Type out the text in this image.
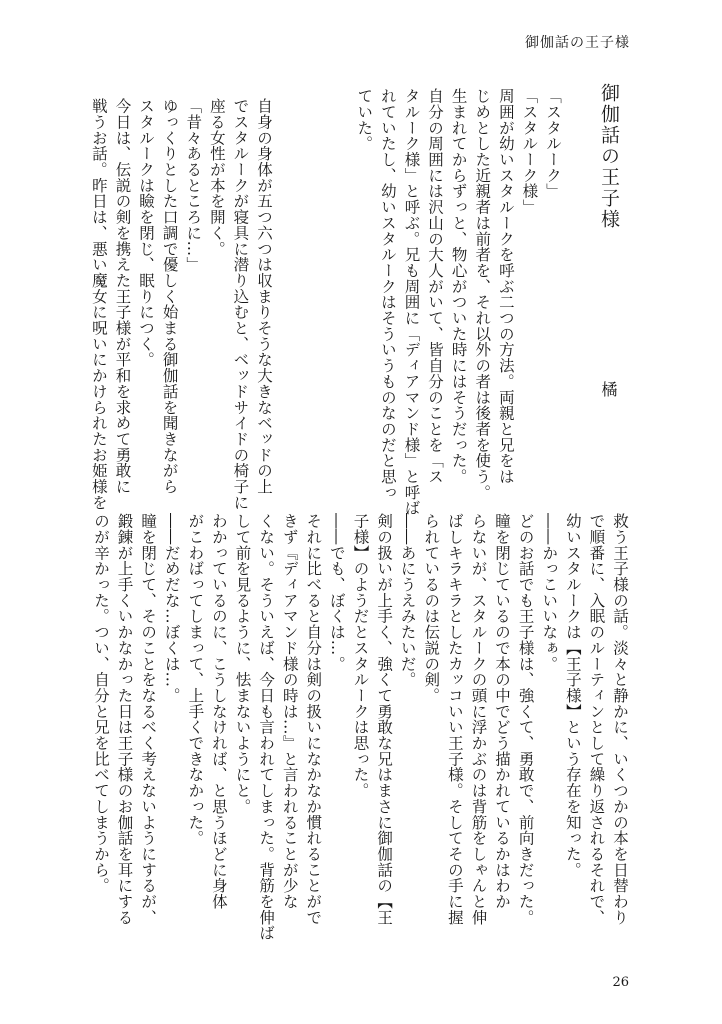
御伽話の王子様
御伽話の王子様
橘
「スタルーク」
「スタルーク様」
周囲が幼いスタルークを呼ぶ二つの方法。両親と兄をは
じめとした近親者は前者を、それ以外の者は後者を使う。
生まれてからずっと、物心がついた時にはそうだった。
自分の周囲には沢山の大人がいて、皆自分のことを「ス
タルーク様」と呼ぶ。兄も周囲に「ディアマンド様」と呼ば
れていたし、幼いスタルークはそういうものなのだと思っ
ていた。
自身の身体が五つ六つは収まりそうな大きなベッドの上
でスタルークが寝具に潜り込むと、ベッドサイドの椅子に
座る女性が本を開く。
「昔々あるところに…」
ゆっくりとした口調で優しく始まる御伽話を聞きながら
スタルークは瞼を閉じ、眠りにつく。
今日は、伝説の剣を携えた王子様が平和を求めて勇敢に
戦うお話。昨日は、悪い魔女に呪いにかけられたお姫様を
救う王子様の話。淡々と静かに、いくつかの本を日替わり
で順番に、入眠のルーティンとして繰り返されるそれで、
幼いスタルークは【王子様】という存在を知った。
――かっこいいなぁ。
どのお話でも王子様は、強くて、勇敢で、前向きだった。
瞳を閉じているので本の中でどう描かれているかはわか
らないが、スタルークの頭に浮かぶのは背筋をしゃんと伸
ばしキラキラとしたカッコいい王子様。そしてその手に握
られているのは伝説の剣。
――あにうえみたいだ。
剣の扱いが上手く、強くて勇敢な兄はまさに御伽話の【王
子様】のようだとスタルークは思った。
――でも、ぼくは…。
それに比べると自分は剣の扱いになかなか慣れることがで
きず『ディアマンド様の時は…』と言われることが少な
くない。そういえば、今日も言われてしまった。背筋を伸ば
して前を見るように、怯まないようにと。
わかっているのに、こうしなければ、と思うほどに身体
がこわばってしまって、上手くできなかった。
――だめだな…ぼくは…。
瞳を閉じて、そのことをなるべく考えないようにするが、
鍛錬が上手くいかなかった日は王子様のお伽話を耳にする
のが辛かった。つい、自分と兄を比べてしまうから。
26
